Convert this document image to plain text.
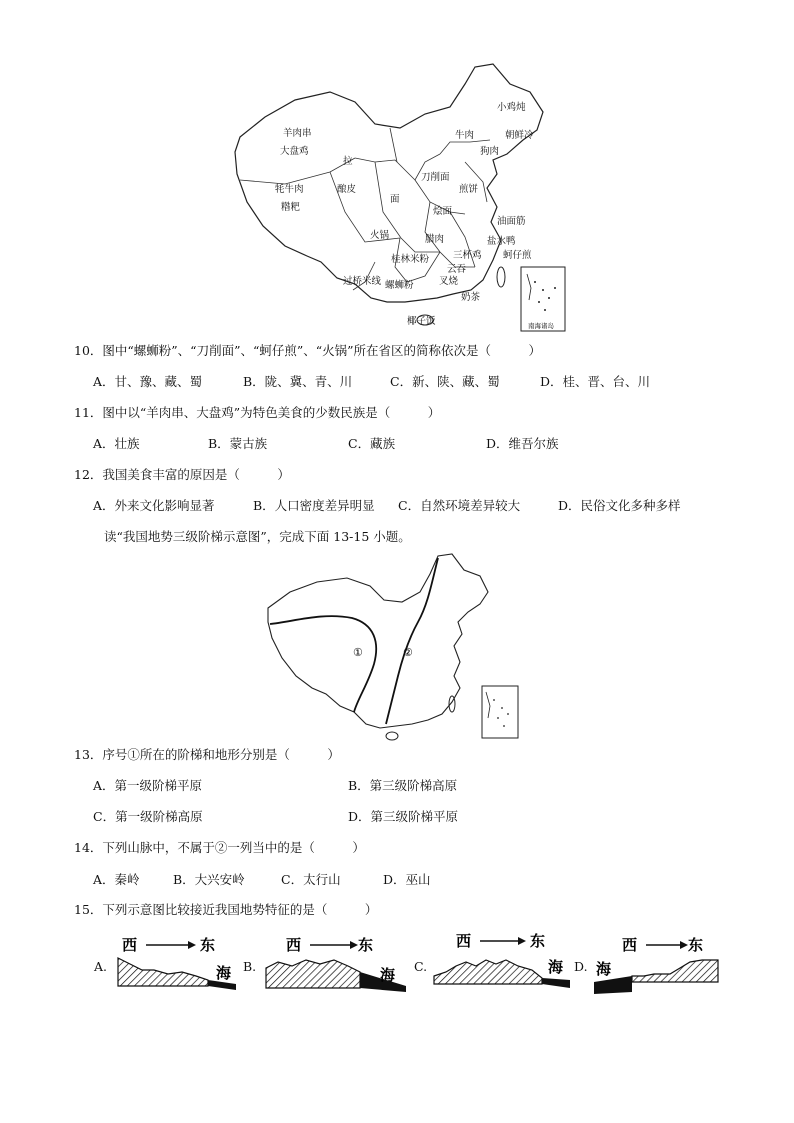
羊肉串
大盘鸡
牦牛肉
糌粑
拉
酿皮
面
火锅
过桥米线 螺蛳粉
椰子饭
小鸡炖
朝鲜冷
牛肉
狗肉
刀削面
煎饼
烩面
油面筋
盐水鸭
三杯鸡
腊肉
桂林米粉
叉烧
奶茶
蚵仔煎
云吞
南海诸岛
10．图中“螺蛳粉”、“刀削面”、“蚵仔煎”、“火锅”所在省区的简称依次是（　　　）
A．甘、豫、藏、蜀	B．陇、冀、青、川	C．新、陕、藏、蜀	D．桂、晋、台、川
11．图中以“羊肉串、大盘鸡”为特色美食的少数民族是（　　　）
A．壮族	B．蒙古族	C．藏族	D．维吾尔族
12．我国美食丰富的原因是（　　　）
A．外来文化影响显著	B．人口密度差异明显 C．自然环境差异较大	D．民俗文化多种多样
读“我国地势三级阶梯示意图”，完成下面 13-15 小题。
①	②
13．序号①所在的阶梯和地形分别是（　　　）
A．第一级阶梯平原	B．第三级阶梯高原
C．第一级阶梯高原	D．第三级阶梯平原
14．下列山脉中，不属于②一列当中的是（　　　）
A．秦岭	B．大兴安岭	C．太行山	D．巫山
15．下列示意图比较接近我国地势特征的是（　　　）
A.
西	东
海 B.
西	东
海 C.
西	东
海 D.
西	东
海
